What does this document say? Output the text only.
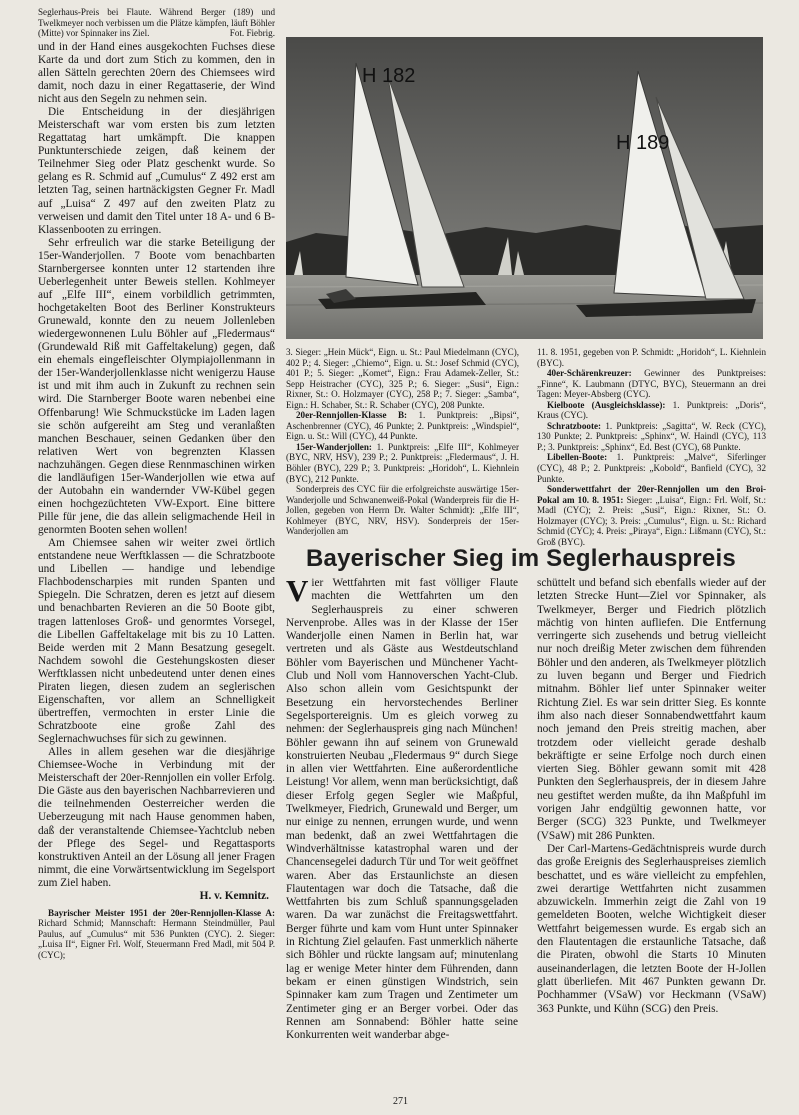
Seglerhaus-Preis bei Flaute. Während Berger (189) und Twelkmeyer noch verbissen um die Plätze kämpfen, läuft Böhler (Mitte) vor Spinnaker ins Ziel.	Fot. Fiebrig.

und in der Hand eines ausgekochten Fuchses diese Karte da und dort zum Stich zu kommen, den in allen Sätteln gerechten 20ern des Chiemsees wird damit, noch dazu in einer Regattaserie, der Wind nicht aus den Segeln zu nehmen sein.

Die Entscheidung in der diesjährigen Meisterschaft war vom ersten bis zum letzten Regattatag hart umkämpft. Die knappen Punktunterschiede zeigen, daß keinem der Teilnehmer Sieg oder Platz geschenkt wurde. So gelang es R. Schmid auf „Cumulus“ Z 492 erst am letzten Tag, seinen hartnäckigsten Gegner Fr. Madl auf „Luisa“ Z 497 auf den zweiten Platz zu verweisen und damit den Titel unter 18 A- und 6 B-Klassenbooten zu erringen.

Sehr erfreulich war die starke Beteiligung der 15er-Wanderjollen. 7 Boote vom benachbarten Starnbergersee konnten unter 12 startenden ihre Ueberlegenheit unter Beweis stellen. Kohlmeyer auf „Elfe III“, einem vorbildlich getrimmten, hochgetakelten Boot des Berliner Konstrukteurs Grunewald, konnte den zu neuem Jollenleben wiedergewonnenen Lulu Böhler auf „Fledermaus“ (Grundewald Riß mit Gaffeltakelung) gegen, daß ein ehemals eingefleischter Olympiajollenmann in der 15er-Wanderjollenklasse nicht wenigerzu Hause ist und mit ihm auch in Zukunft zu rechnen sein wird. Die Starnberger Boote waren nebenbei eine Offenbarung! Wie Schmuckstücke im Laden lagen sie schön aufgereiht am Steg und veranlaßten manchen Beschauer, seinen Gedanken über den relativen Wert von begrenzten Klassen nachzuhängen. Gegen diese Rennmaschinen wirken die landläufigen 15er-Wanderjollen wie etwa auf der Autobahn ein wandernder VW-Kübel gegen einen hochgezüchteten VW-Export. Eine bittere Pille für jene, die das allein seligmachende Heil in genormten Booten sehen wollen!

Am Chiemsee sahen wir weiter zwei örtlich entstandene neue Werftklassen — die Schratzboote und Libellen — handige und lebendige Flachbodenscharpies mit runden Spanten und Spiegeln. Die Schratzen, deren es jetzt auf diesem und benachbarten Revieren an die 50 Boote gibt, tragen lattenloses Groß- und genormtes Vorsegel, die Libellen Gaffeltakelage mit bis zu 10 Latten. Beide werden mit 2 Mann Besatzung gesegelt. Nachdem sowohl die Gestehungskosten dieser Werftklassen nicht unbedeutend unter denen eines Piraten liegen, diesen zudem an seglerischen Eigenschaften, vor allem an Schnelligkeit übertreffen, vermochten in erster Linie die Schratzboote eine große Zahl des Seglernachwuchses für sich zu gewinnen.

Alles in allem gesehen war die diesjährige Chiemsee-Woche in Verbindung mit der Meisterschaft der 20er-Rennjollen ein voller Erfolg. Die Gäste aus den bayerischen Nachbarrevieren und die teilnehmenden Oesterreicher werden die Ueberzeugung mit nach Hause genommen haben, daß der veranstaltende Chiemsee-Yachtclub neben der Pflege des Segel- und Regattasports konstruktiven Anteil an der Lösung all jener Fragen nimmt, die eine Vorwärtsentwicklung im Segelsport zum Ziel haben.

H. v. Kemnitz.

Bayrischer Meister 1951 der 20er-Rennjollen-Klasse A: Richard Schmid; Mannschaft: Hermann Steindmüller, Paul Paulus, auf „Cumulus“ mit 536 Punkten (CYC). 2. Sieger: „Luisa II“, Eigner Frl. Wolf, Steuermann Fred Madl, mit 504 P. (CYC);

H 182
H 189

3. Sieger: „Hein Mück“, Eign. u. St.: Paul Miedelmann (CYC), 402 P.; 4. Sieger: „Chiemo“, Eign. u. St.: Josef Schmid (CYC), 401 P.; 5. Sieger: „Komet“, Eign.: Frau Adamek-Zeller, St.: Sepp Heistracher (CYC), 325 P.; 6. Sieger: „Susi“, Eign.: Rixner, St.: O. Holzmayer (CYC), 258 P.; 7. Sieger: „Samba“, Eign.: H. Schaber, St.: R. Schaber (CYC), 208 Punkte.

20er-Rennjollen-Klasse B: 1. Punktpreis: „Bipsi“, Aschenbrenner (CYC), 46 Punkte; 2. Punktpreis: „Windspiel“, Eign. u. St.: Will (CYC), 44 Punkte.

15er-Wanderjollen: 1. Punktpreis: „Elfe III“, Kohlmeyer (BYC, NRV, HSV), 239 P.; 2. Punktpreis: „Fledermaus“, J. H. Böhler (BYC), 229 P.; 3. Punktpreis: „Horidoh“, L. Kiehnlein (BYC), 212 Punkte.

Sonderpreis des CYC für die erfolgreichste auswärtige 15er-Wanderjolle und Schwanenweiß-Pokal (Wanderpreis für die H-Jollen, gegeben von Herrn Dr. Walter Schmidt): „Elfe III“, Kohlmeyer (BYC, NRV, HSV). Sonderpreis der 15er-Wanderjollen am

11. 8. 1951, gegeben von P. Schmidt: „Horidoh“, L. Kiehnlein (BYC).

40er-Schärenkreuzer: Gewinner des Punktpreises: „Finne“, K. Laubmann (DTYC, BYC), Steuermann an drei Tagen: Meyer-Absberg (CYC).

Kielboote (Ausgleichsklasse): 1. Punktpreis: „Doris“, Kraus (CYC).

Schratzboote: 1. Punktpreis: „Sagitta“, W. Reck (CYC), 130 Punkte; 2. Punktpreis: „Sphinx“, W. Haindl (CYC), 113 P.; 3. Punktpreis: „Sphinx“, Ed. Best (CYC), 68 Punkte.

Libellen-Boote: 1. Punktpreis: „Malve“, Siferlinger (CYC), 48 P.; 2. Punktpreis: „Kobold“, Banfield (CYC), 32 Punkte.

Sonderwettfahrt der 20er-Rennjollen um den Broi-Pokal am 10. 8. 1951: Sieger: „Luisa“, Eign.: Frl. Wolf, St.: Madl (CYC); 2. Preis: „Susi“, Eign.: Rixner, St.: O. Holzmayer (CYC); 3. Preis: „Cumulus“, Eign. u. St.: Richard Schmid (CYC); 4. Preis: „Piraya“, Eign.: Lißmann (CYC), St.: Groß (BYC).

Bayerischer Sieg im Seglerhauspreis

Vier Wettfahrten mit fast völliger Flaute machten die Wettfahrten um den Seglerhauspreis zu einer schweren Nervenprobe. Alles was in der Klasse der 15er Wanderjolle einen Namen in Berlin hat, war vertreten und als Gäste aus Westdeutschland Böhler vom Bayerischen und Münchener Yacht-Club und Noll vom Hannoverschen Yacht-Club. Also schon allein vom Gesichtspunkt der Besetzung ein hervorstechendes Berliner Segelsportereignis. Um es gleich vorweg zu nehmen: der Seglerhauspreis ging nach München! Böhler gewann ihn auf seinem von Grunewald konstruierten Neubau „Fledermaus 9“ durch Siege in allen vier Wettfahrten. Eine außerordentliche Leistung! Vor allem, wenn man berücksichtigt, daß dieser Erfolg gegen Segler wie Maßpful, Twelkmeyer, Fiedrich, Grunewald und Berger, um nur einige zu nennen, errungen wurde, und wenn man bedenkt, daß an zwei Wettfahrtagen die Windverhältnisse katastrophal waren und der Chancensegelei dadurch Tür und Tor weit geöffnet waren. Aber das Erstaunlichste an diesen Flautentagen war doch die Tatsache, daß die Wettfahrten bis zum Schluß spannungsgeladen waren. Da war zunächst die Freitagswettfahrt. Berger führte und kam vom Hunt unter Spinnaker in Richtung Ziel gelaufen. Fast unmerklich näherte sich Böhler und rückte langsam auf; minutenlang lag er wenige Meter hinter dem Führenden, dann bekam er einen günstigen Windstrich, sein Spinnaker kam zum Tragen und Zentimeter um Zentimeter ging er an Berger vorbei. Oder das Rennen am Sonnabend: Böhler hatte seine Konkurrenten weit wanderbar abge-

schüttelt und befand sich ebenfalls wieder auf der letzten Strecke Hunt—Ziel vor Spinnaker, als Twelkmeyer, Berger und Fiedrich plötzlich mächtig von hinten aufliefen. Die Entfernung verringerte sich zusehends und betrug vielleicht nur noch dreißig Meter zwischen dem führenden Böhler und den anderen, als Twelkmeyer plötzlich zu luven begann und Berger und Fiedrich mitnahm. Böhler lief unter Spinnaker weiter Richtung Ziel. Es war sein dritter Sieg. Es konnte ihm also nach dieser Sonnabendwettfahrt kaum noch jemand den Preis streitig machen, aber trotzdem oder vielleicht gerade deshalb bekräftigte er seine Erfolge noch durch einen vierten Sieg. Böhler gewann somit mit 428 Punkten den Seglerhauspreis, der in diesem Jahre neu gestiftet werden mußte, da ihn Maßpfuhl im vorigen Jahr endgültig gewonnen hatte, vor Berger (SCG) 323 Punkte, und Twelkmeyer (VSaW) mit 286 Punkten.

Der Carl-Martens-Gedächtnispreis wurde durch das große Ereignis des Seglerhauspreises ziemlich beschattet, und es wäre vielleicht zu empfehlen, zwei derartige Wettfahrten nicht zusammen abzuwickeln. Immerhin zeigt die Zahl von 19 gemeldeten Booten, welche Wichtigkeit dieser Wettfahrt beigemessen wurde. Es ergab sich an den Flautentagen die erstaunliche Tatsache, daß die Piraten, obwohl die Starts 10 Minuten auseinanderlagen, die letzten Boote der H-Jollen glatt überliefen. Mit 467 Punkten gewann Dr. Pochhammer (VSaW) vor Heckmann (VSaW) 363 Punkte, und Kühn (SCG) den Preis.

271
